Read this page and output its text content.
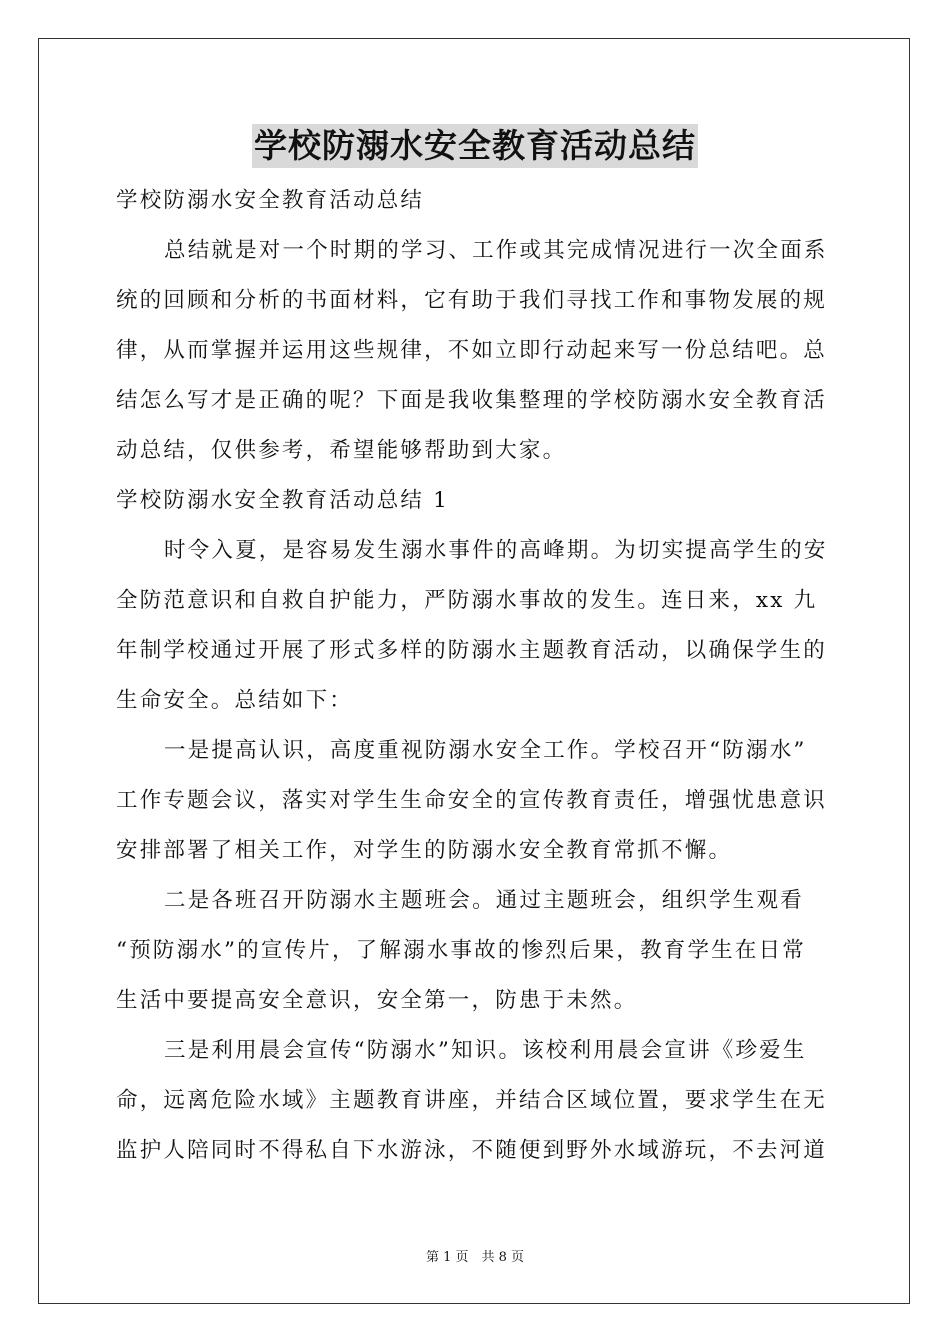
学校防溺水安全教育活动总结
学校防溺水安全教育活动总结
总结就是对一个时期的学习、工作或其完成情况进行一次全面系
统的回顾和分析的书面材料，它有助于我们寻找工作和事物发展的规
律，从而掌握并运用这些规律，不如立即行动起来写一份总结吧。总
结怎么写才是正确的呢？下面是我收集整理的学校防溺水安全教育活
动总结，仅供参考，希望能够帮助到大家。
学校防溺水安全教育活动总结 1
时令入夏，是容易发生溺水事件的高峰期。为切实提高学生的安
全防范意识和自救自护能力，严防溺水事故的发生。连日来，xx 九
年制学校通过开展了形式多样的防溺水主题教育活动，以确保学生的
生命安全。总结如下：
一是提高认识，高度重视防溺水安全工作。学校召开“防溺水”
工作专题会议，落实对学生生命安全的宣传教育责任，增强忧患意识
安排部署了相关工作，对学生的防溺水安全教育常抓不懈。
二是各班召开防溺水主题班会。通过主题班会，组织学生观看
“预防溺水”的宣传片，了解溺水事故的惨烈后果，教育学生在日常
生活中要提高安全意识，安全第一，防患于未然。
三是利用晨会宣传“防溺水”知识。该校利用晨会宣讲《珍爱生
命，远离危险水域》主题教育讲座，并结合区域位置，要求学生在无
监护人陪同时不得私自下水游泳，不随便到野外水域游玩，不去河道
第 1 页　共 8 页
